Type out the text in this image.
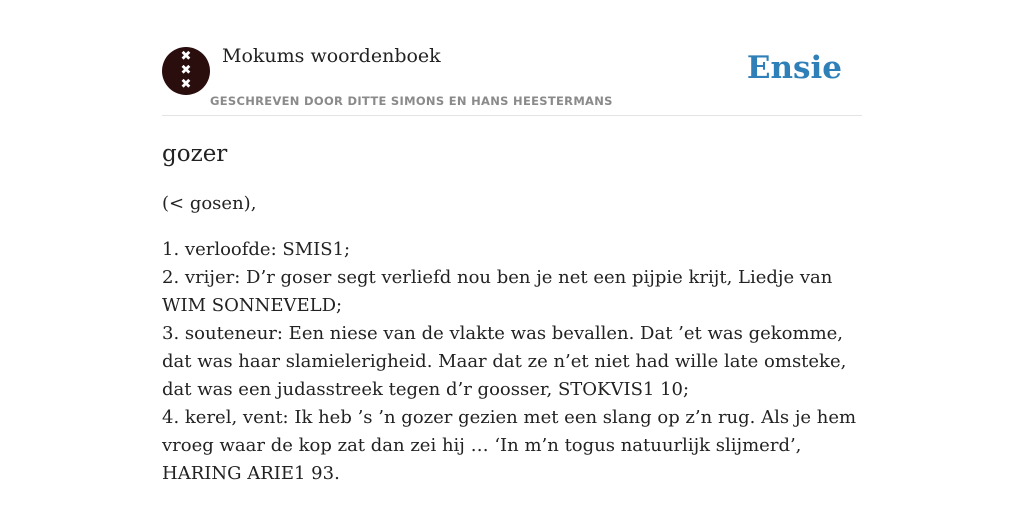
✖
✖
✖
Mokums woordenboek
GESCHREVEN DOOR DITTE SIMONS EN HANS HEESTERMANS
Ensie
gozer

(< gosen),

1. verloofde: SMIS1;
2. vrijer: D’r goser segt verliefd nou ben je net een pijpie krijt, Liedje van WIM SONNEVELD;
3. souteneur: Een niese van de vlakte was bevallen. Dat ’et was gekomme, dat was haar slamielerigheid. Maar dat ze n’et niet had wille late omsteke, dat was een judasstreek tegen d’r goosser, STOKVIS1 10;
4. kerel, vent: Ik heb ’s ’n gozer gezien met een slang op z’n rug. Als je hem vroeg waar de kop zat dan zei hij … ‘In m’n togus natuurlijk slijmerd’, HARING ARIE1 93.
